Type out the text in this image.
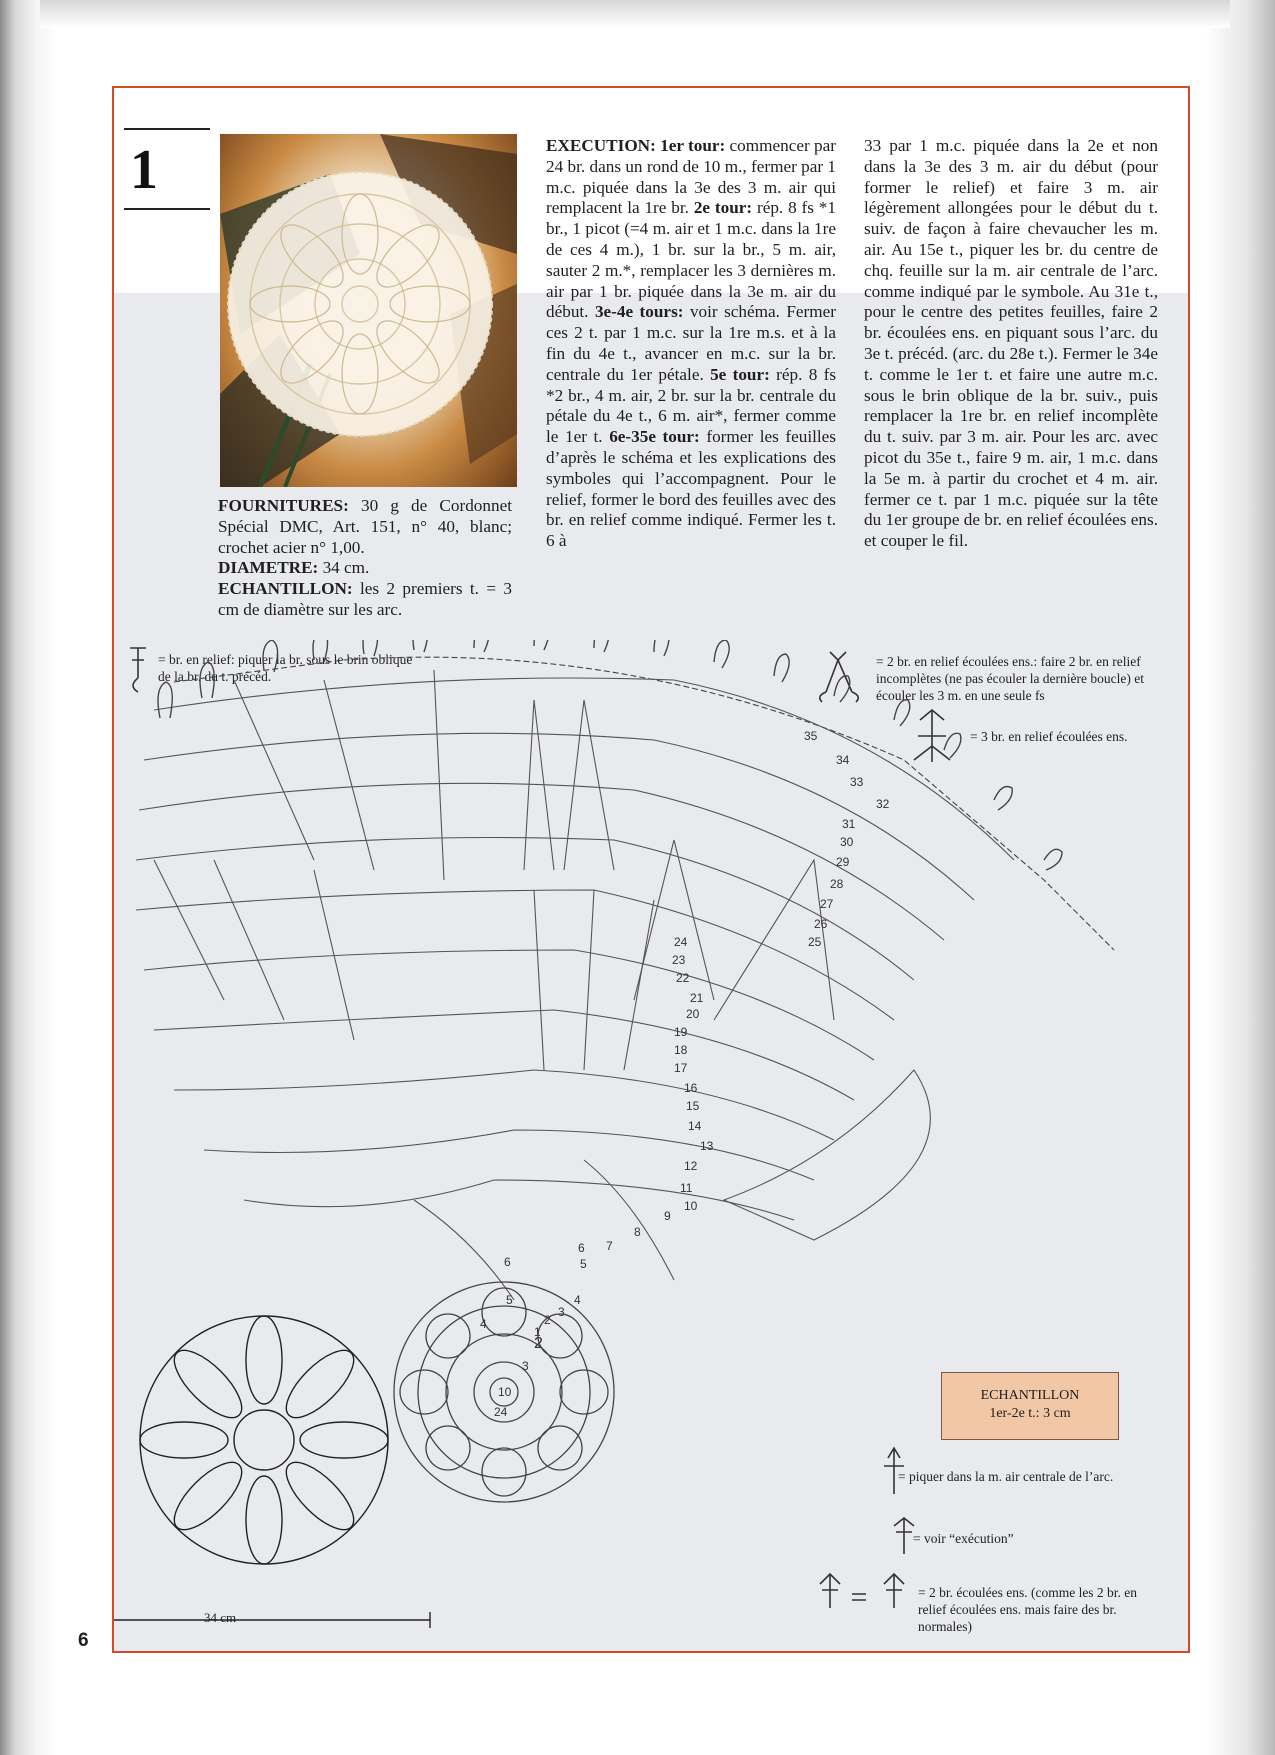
1
FOURNITURES: 30 g de Cordonnet Spécial DMC, Art. 151, n° 40, blanc; crochet acier n° 1,00.
DIAMETRE: 34 cm.
ECHANTILLON: les 2 premiers t. = 3 cm de diamètre sur les arc.
EXECUTION: 1er tour: commencer par 24 br. dans un rond de 10 m., fermer par 1 m.c. piquée dans la 3e des 3 m. air qui remplacent la 1re br. 2e tour: rép. 8 fs *1 br., 1 picot (=4 m. air et 1 m.c. dans la 1re de ces 4 m.), 1 br. sur la br., 5 m. air, sauter 2 m.*, remplacer les 3 dernières m. air par 1 br. piquée dans la 3e m. air du début. 3e-4e tours: voir schéma. Fermer ces 2 t. par 1 m.c. sur la 1re m.s. et à la fin du 4e t., avancer en m.c. sur la br. centrale du 1er pétale. 5e tour: rép. 8 fs *2 br., 4 m. air, 2 br. sur la br. centrale du pétale du 4e t., 6 m. air*, fermer comme le 1er t. 6e-35e tour: former les feuilles d’après le schéma et les explications des symboles qui l’accompagnent. Pour le relief, former le bord des feuilles avec des br. en relief comme indiqué. Fermer les t. 6 à
33 par 1 m.c. piquée dans la 2e et non dans la 3e des 3 m. air du début (pour former le relief) et faire 3 m. air légèrement allongées pour le début du t. suiv. de façon à faire chevaucher les m. air. Au 15e t., piquer les br. du centre de chq. feuille sur la m. air centrale de l’arc. comme indiqué par le symbole. Au 31e t., pour le centre des petites feuilles, faire 2 br. écoulées ens. en piquant sous l’arc. du 3e t. précéd. (arc. du 28e t.). Fermer le 34e t. comme le 1er t. et faire une autre m.c. sous le brin oblique de la br. suiv., puis remplacer la 1re br. en relief incomplète du t. suiv. par 3 m. air. Pour les arc. avec picot du 35e t., faire 9 m. air, 1 m.c. dans la 5e m. à partir du crochet et 4 m. air. fermer ce t. par 1 m.c. piquée sur la tête du 1er groupe de br. en relief écoulées ens. et couper le fil.
= br. en relief: piquer la br. sous le brin oblique de la br. du t. précéd.
= 2 br. en relief écoulées ens.: faire 2 br. en relief incomplètes (ne pas écouler la dernière boucle) et écouler les 3 m. en une seule fs
= 3 br. en relief écoulées ens.
= piquer dans la m. air centrale de l’arc.
= voir “exécution”
= 2 br. écoulées ens. (comme les 2 br. en relief écoulées ens. mais faire des br. normales)
35
34
33
32
31
30
29
28
27
26
25
24
23
22
21
20
19
18
17
16
15
14
13
12
11
10
9
8
7
6
5
4
3
2
1
10
24
2
3
4
5
6
34 cm
ECHANTILLON
1er-2e t.: 3 cm
6
